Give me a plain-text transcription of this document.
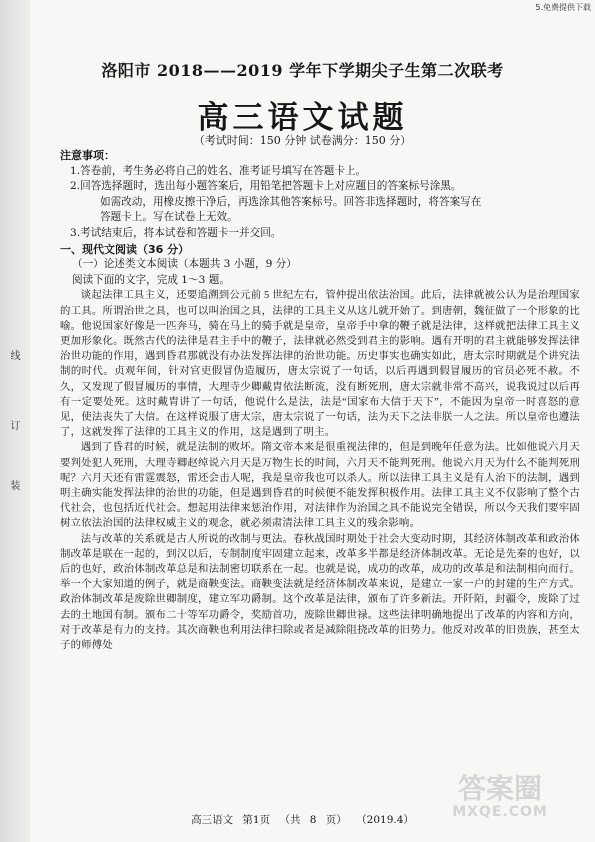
线
订
装
5.免费提供下载
洛阳市 2018——2019 学年下学期尖子生第二次联考
高三语文试题
（考试时间：150 分钟 试卷满分：150 分）

注意事项：

1.答卷前，考生务必将自己的姓名、准考证号填写在答题卡上。

2.回答选择题时，选出每小题答案后，用铅笔把答题卡上对应题目的答案标号涂黑。

如需改动，用橡皮擦干净后，再选涂其他答案标号。回答非选择题时，将答案写在

答题卡上。写在试卷上无效。

3.考试结束后，将本试卷和答题卡一并交回。

一、现代文阅读（36 分）

（一）论述类文本阅读（本题共 3 小题，9 分）

阅读下面的文字，完成 1～3 题。

谈起法律工具主义，还要追溯到公元前 5 世纪左右，管仲提出依法治国。此后，法律就被公认为是治理国家的工具。所谓治世之具，也可以叫治国之具，法律的工具主义从这儿就开始了。到唐朝，魏征做了一个形象的比喻。他说国家好像是一匹奔马，骑在马上的骑手就是皇帝，皇帝手中拿的鞭子就是法律，这样就把法律工具主义更加形象化。既然古代的法律是君主手中的鞭子，法律就必然受到君主的影响。遇有开明的君主就能够发挥法律治世功能的作用，遇到昏君那就没有办法发挥法律的治世功能。历史事实也确实如此，唐太宗时期就是个讲究法制的时代。贞观年间，针对官吏假冒伪造履历，唐太宗说了一句话，以后再遇到假冒履历的官员必死不赦。不久，又发现了假冒履历的事情，大理寺少卿戴胄依法断流，没有断死刑，唐太宗就非常不高兴，说我说过以后再有一定要处死。这时戴胄讲了一句话，他说什么是法，法是“国家布大信于天下”，不能因为皇帝一时喜怒的意见，使法丧失了大信。在这样说服了唐太宗，唐太宗说了一句话，法为天下之法非朕一人之法。所以皇帝也遵法了，这就发挥了法律的工具主义的作用，这是遇到了明主。

遇到了昏君的时候，就是法制的败坏。隋文帝本来是很重视法律的，但是到晚年任意为法。比如他说六月天要判处犯人死刑，大理寺卿赵绰说六月天是万物生长的时间，六月天不能判死刑。他说六月天为什么不能判死刑呢？六月天还有雷霆震怒，雷还会击人呢，我是皇帝我也可以杀人。所以法律工具主义是有人治下的法制，遇到明主确实能发挥法律的治世的功能，但是遇到昏君的时候便不能发挥积极作用。法律工具主义不仅影响了整个古代社会，也包括近代社会。想起用法律来惩治作用，对法律作为治国之具不能说完全错误，所以今天我们要牢固树立依法治国的法律权威主义的观念，就必须肃清法律工具主义的残余影响。

法与改革的关系就是古人所说的改制与更法。春秋战国时期处于社会大变动时期，其经济体制改革和政治体制改革是联在一起的，到汉以后，专制制度牢固建立起来，改革多半都是经济体制改革。无论是先秦的也好，以后的也好，政治体制改革总是和法制密切联系在一起。也就是说，成功的改革，成功的改革是和法制相向而行。举一个大家知道的例子，就是商鞅变法。商鞅变法就是经济体制改革来说，是建立一家一户的封建的生产方式。政治体制改革是废除世卿制度，建立军功爵制。这个改革是法律，颁布了许多新法。开阡陌，封疆令，废除了过去的土地国有制。颁布二十等军功爵令，奖励首功，废除世卿世禄。这些法律明确地提出了改革的内容和方向，对于改革是有力的支持。其次商鞅也利用法律扫除或者是减除阻挠改革的旧势力。他反对改革的旧贵族，甚至太子的师傅处

高三语文 第1页 （共 8 页） （2019.4）
答案圈
MXQE.COM
